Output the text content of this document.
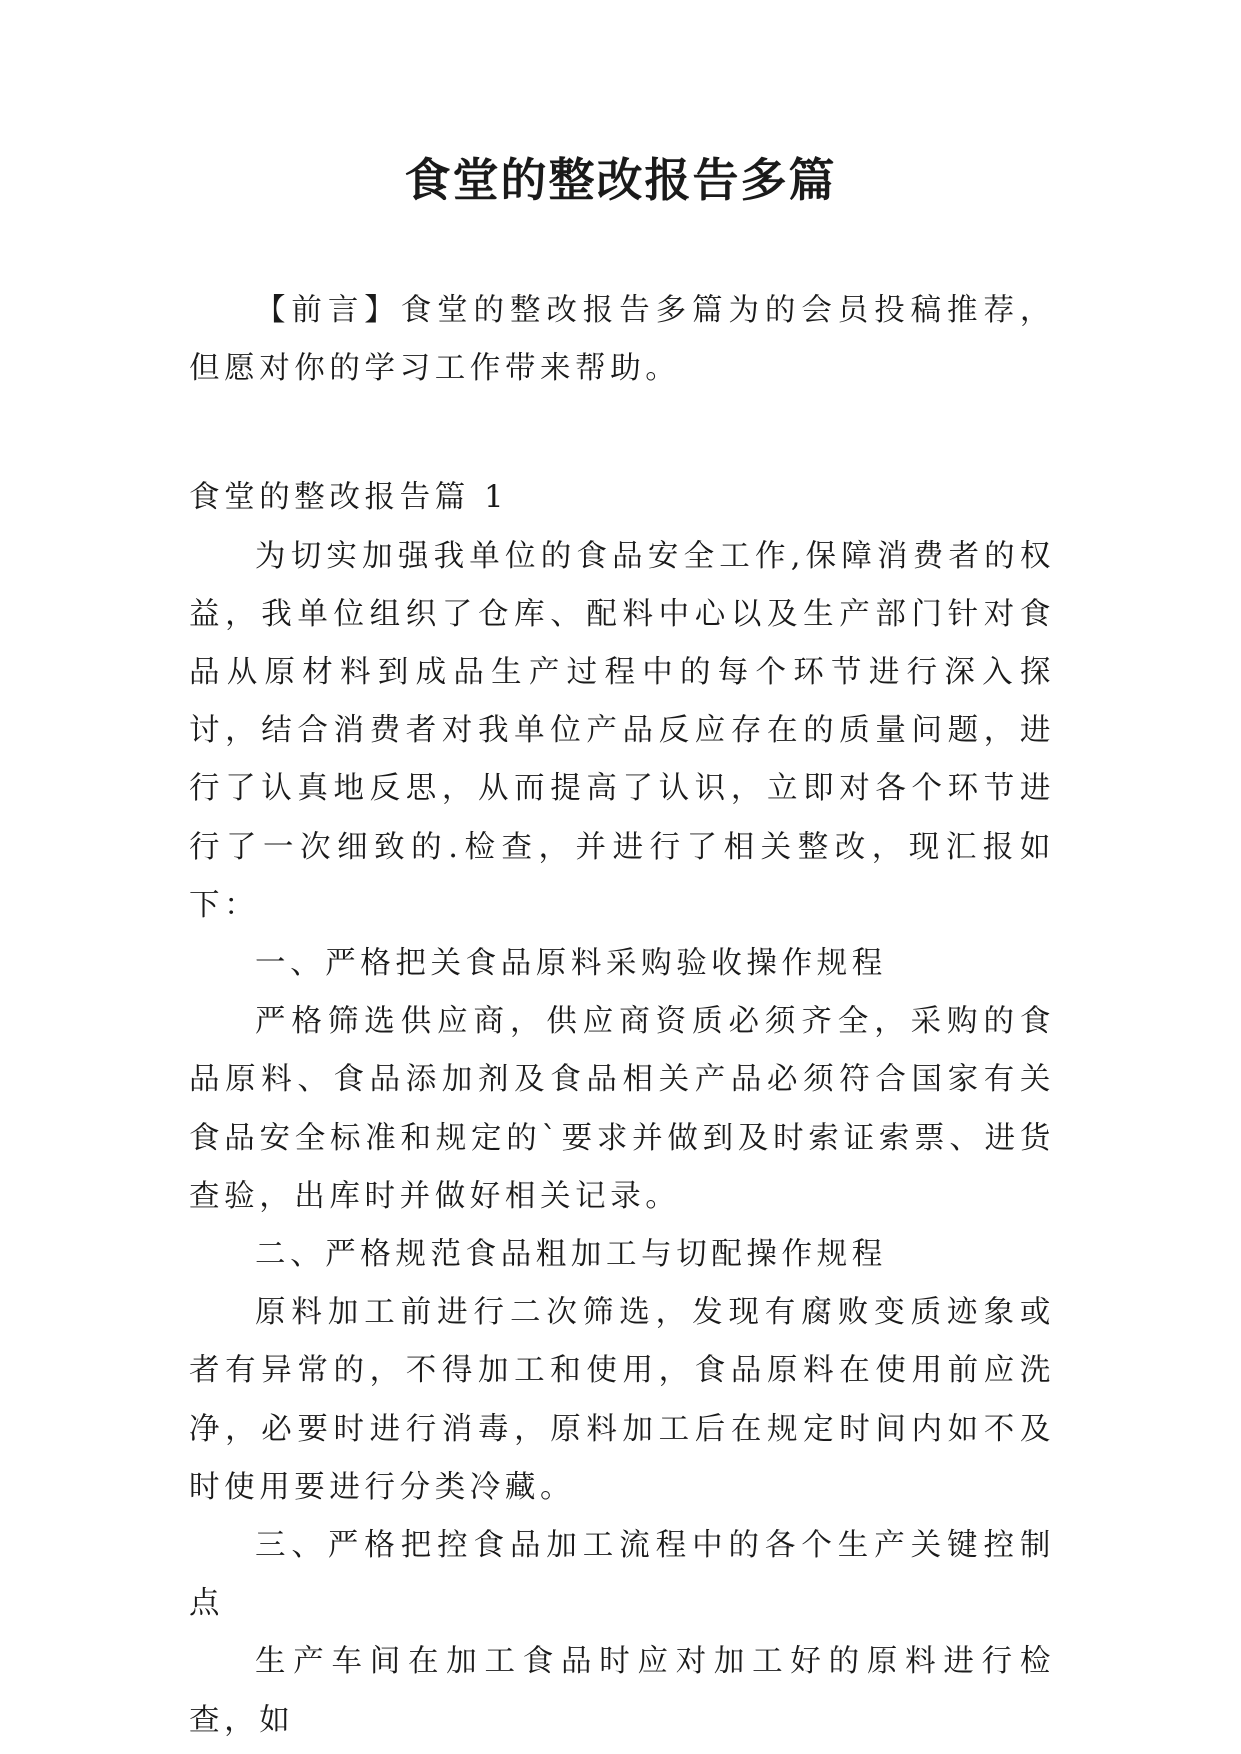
食堂的整改报告多篇

【前言】食堂的整改报告多篇为的会员投稿推荐，但愿对你的学习工作带来帮助。

食堂的整改报告篇 1

为切实加强我单位的食品安全工作,保障消费者的权益，我单位组织了仓库、配料中心以及生产部门针对食品从原材料到成品生产过程中的每个环节进行深入探讨，结合消费者对我单位产品反应存在的质量问题，进行了认真地反思，从而提高了认识，立即对各个环节进行了一次细致的.检查，并进行了相关整改，现汇报如下：

一、严格把关食品原料采购验收操作规程

严格筛选供应商，供应商资质必须齐全，采购的食品原料、食品添加剂及食品相关产品必须符合国家有关食品安全标准和规定的`要求并做到及时索证索票、进货查验，出库时并做好相关记录。

二、严格规范食品粗加工与切配操作规程

原料加工前进行二次筛选，发现有腐败变质迹象或者有异常的，不得加工和使用，食品原料在使用前应洗净，必要时进行消毒，原料加工后在规定时间内如不及时使用要进行分类冷藏。

三、严格把控食品加工流程中的各个生产关键控制点

生产车间在加工食品时应对加工好的原料进行检查，如
